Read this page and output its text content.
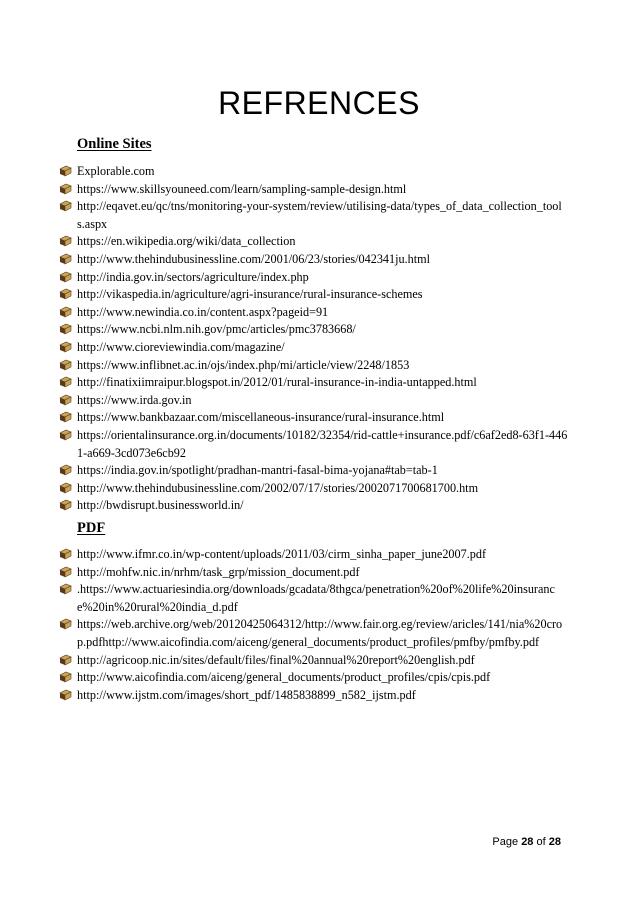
REFRENCES
Online Sites
Explorable.com
https://www.skillsyouneed.com/learn/sampling-sample-design.html
http://eqavet.eu/qc/tns/monitoring-your-system/review/utilising-data/types_of_data_collection_tools.aspx
https://en.wikipedia.org/wiki/data_collection
http://www.thehindubusinessline.com/2001/06/23/stories/042341ju.html
http://india.gov.in/sectors/agriculture/index.php
http://vikaspedia.in/agriculture/agri-insurance/rural-insurance-schemes
http://www.newindia.co.in/content.aspx?pageid=91
https://www.ncbi.nlm.nih.gov/pmc/articles/pmc3783668/
http://www.cioreviewindia.com/magazine/
https://www.inflibnet.ac.in/ojs/index.php/mi/article/view/2248/1853
http://finatixiimraipur.blogspot.in/2012/01/rural-insurance-in-india-untapped.html
https://www.irda.gov.in
https://www.bankbazaar.com/miscellaneous-insurance/rural-insurance.html
https://orientalinsurance.org.in/documents/10182/32354/rid-cattle+insurance.pdf/c6af2ed8-63f1-4461-a669-3cd073e6cb92
https://india.gov.in/spotlight/pradhan-mantri-fasal-bima-yojana#tab=tab-1
http://www.thehindubusinessline.com/2002/07/17/stories/2002071700681700.htm
http://bwdisrupt.businessworld.in/
PDF
http://www.ifmr.co.in/wp-content/uploads/2011/03/cirm_sinha_paper_june2007.pdf
http://mohfw.nic.in/nrhm/task_grp/mission_document.pdf
.https://www.actuariesindia.org/downloads/gcadata/8thgca/penetration%20of%20life%20insurance%20in%20rural%20india_d.pdf
https://web.archive.org/web/20120425064312/http://www.fair.org.eg/review/aricles/141/nia%20crop.pdfhttp://www.aicofindia.com/aiceng/general_documents/product_profiles/pmfby/pmfby.pdf
http://agricoop.nic.in/sites/default/files/final%20annual%20report%20english.pdf
http://www.aicofindia.com/aiceng/general_documents/product_profiles/cpis/cpis.pdf
http://www.ijstm.com/images/short_pdf/1485838899_n582_ijstm.pdf
Page 28 of 28
